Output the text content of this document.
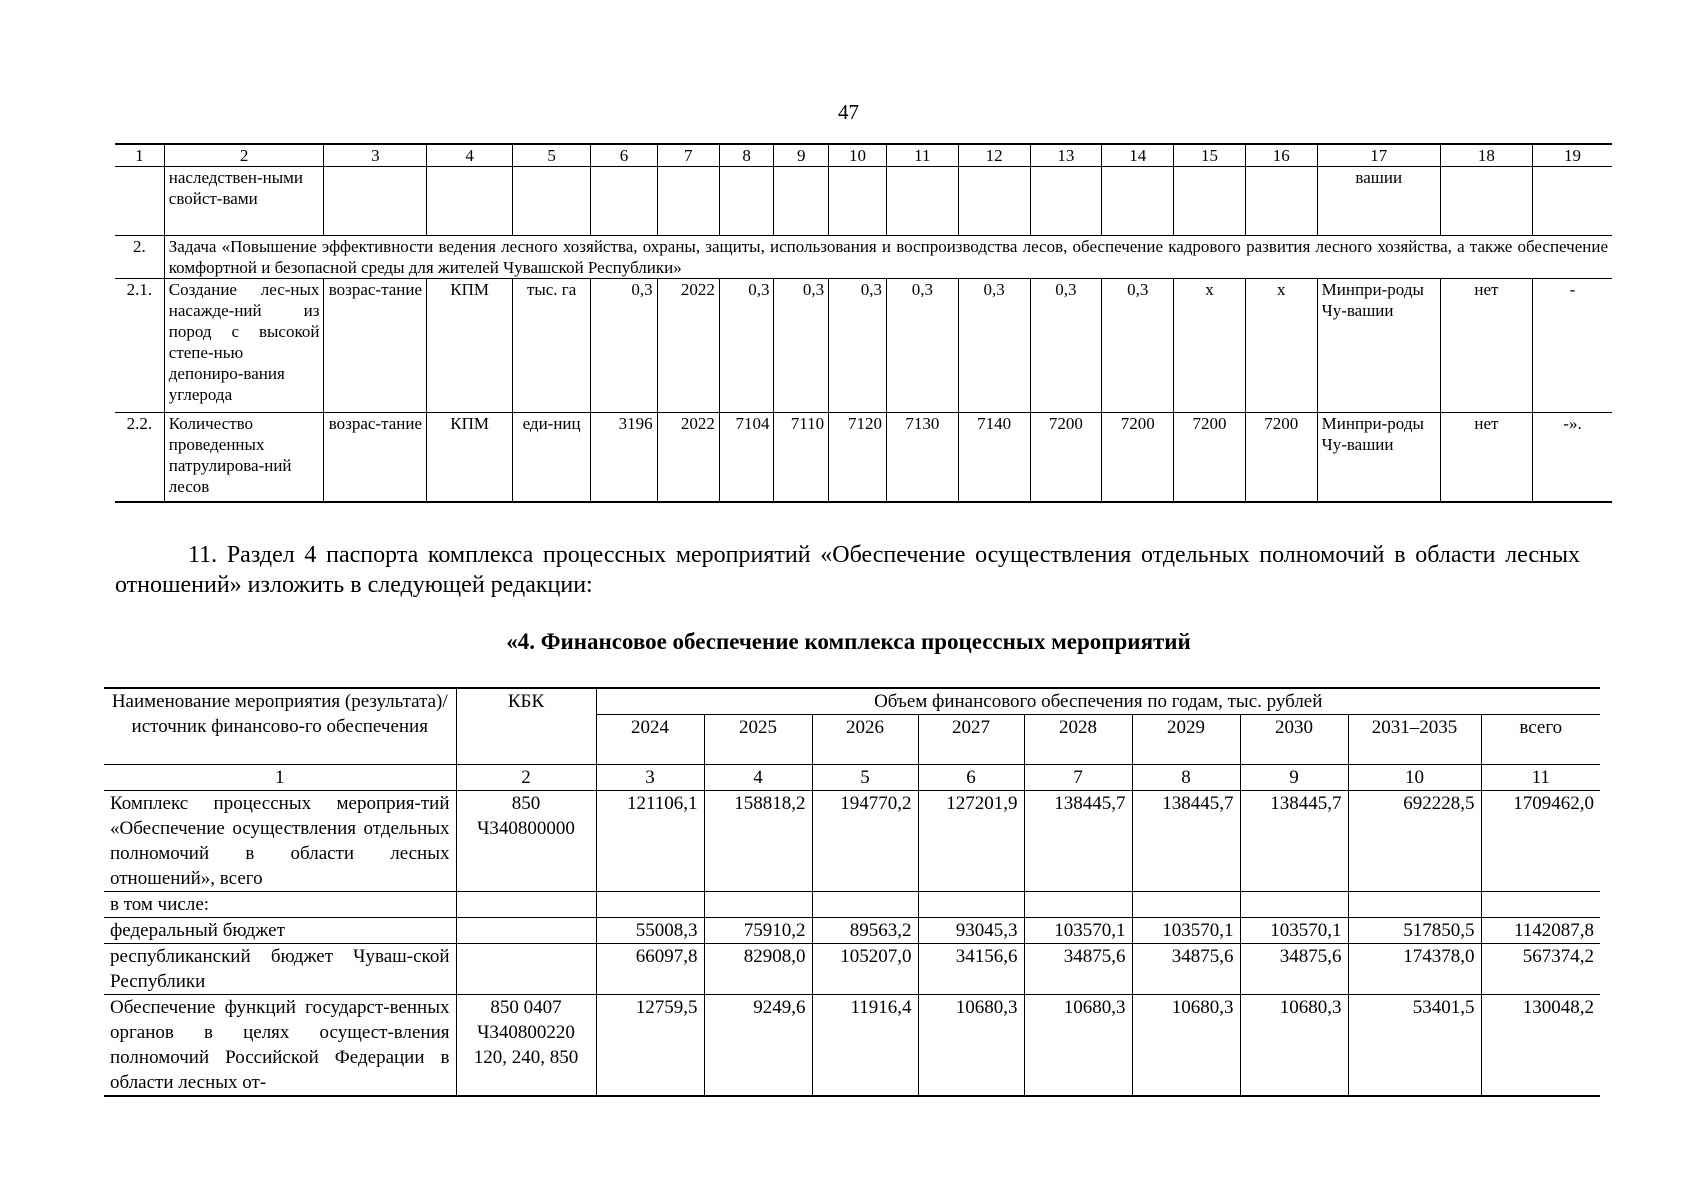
47
1	2	3	4	5	6	7	8	9	10	11	12	13	14	15	16	17	18	19
	наследствен-ными свойст-вами															вашии		
2.	Задача «Повышение эффективности ведения лесного хозяйства, охраны, защиты, использования и воспроизводства лесов, обеспечение кадрового развития лесного хозяйства, а также обеспечение комфортной и безопасной среды для жителей Чувашской Республики»																	
2.1.	Создание лес-ных насажде-ний из пород с высокой степе-нью депониро-вания углерода	возрас-тание	КПМ	тыс. га	0,3	2022	0,3	0,3	0,3	0,3	0,3	0,3	0,3	х	х	Минпри-роды Чу-вашии	нет	-
2.2.	Количество проведенных патрулирова-ний лесов	возрас-тание	КПМ	еди-ниц	3196	2022	7104	7110	7120	7130	7140	7200	7200	7200	7200	Минпри-роды Чу-вашии	нет	-».
11. Раздел 4 паспорта комплекса процессных мероприятий «Обеспечение осуществления отдельных полномочий в области лесных отношений» изложить в следующей редакции:
«4. Финансовое обеспечение комплекса процессных мероприятий
Наименование мероприятия (результата)/источник финансово-го обеспечения	КБК	Объем финансового обеспечения по годам, тыс. рублей								
		2024	2025	2026	2027	2028	2029	2030	2031–2035	всего
1	2	3	4	5	6	7	8	9	10	11
Комплекс процессных мероприя-тий «Обеспечение осуществления отдельных полномочий в области лесных отношений», всего	850 Ч340800000	121106,1	158818,2	194770,2	127201,9	138445,7	138445,7	138445,7	692228,5	1709462,0
в том числе:										
федеральный бюджет		55008,3	75910,2	89563,2	93045,3	103570,1	103570,1	103570,1	517850,5	1142087,8
республиканский бюджет Чуваш-ской Республики		66097,8	82908,0	105207,0	34156,6	34875,6	34875,6	34875,6	174378,0	567374,2
Обеспечение функций государст-венных органов в целях осущест-вления полномочий Российской Федерации в области лесных от-	850 0407 Ч340800220 120, 240, 850	12759,5	9249,6	11916,4	10680,3	10680,3	10680,3	10680,3	53401,5	130048,2
